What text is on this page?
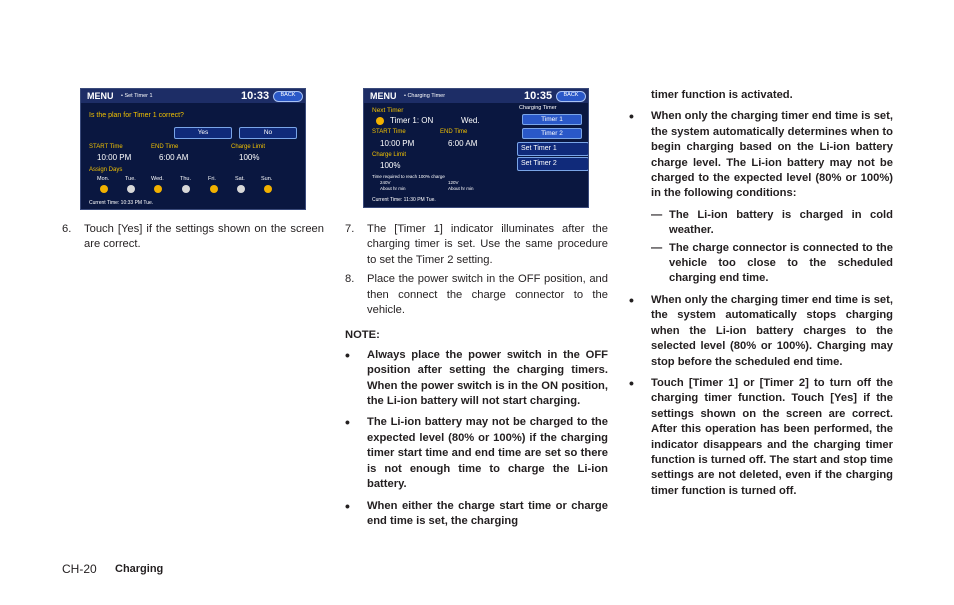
MENU • Set Timer 1	10:33	BACK
Is the plan for Timer 1 correct?
Yes	No
START Time	END Time	Charge Limit
10:00 PM	6:00 AM	100%
Assign Days
Mon.	Tue.	Wed.	Thu.	Fri.	Sat.	Sun.
Current Time: 10:33 PM Tue.
MENU • Charging Timer	10:35	BACK
Next Timer
Timer 1: ON	Wed.
Charging Timer
Timer 1
Timer 2
START Time	END Time
10:00 PM	6:00 AM
Set Timer 1
Set Timer 2
Charge Limit
100%
Time required to reach 100% charge
240V	120V
About hr min	About hr min
Current Time: 11:30 PM Tue.
6.	Touch [Yes] if the settings shown on the screen are correct.
7.	The [Timer 1] indicator illuminates after the charging timer is set. Use the same procedure to set the Timer 2 setting.
8.	Place the power switch in the OFF position, and then connect the charge connector to the vehicle.
NOTE:
•	Always place the power switch in the OFF position after setting the charging timers. When the power switch is in the ON position, the Li-ion battery will not start charging.
•	The Li-ion battery may not be charged to the expected level (80% or 100%) if the charging timer start time and end time are set so there is not enough time to charge the Li-ion battery.
•	When either the charge start time or charge end time is set, the charging
timer function is activated.
•	When only the charging timer end time is set, the system automatically determines when to begin charging based on the Li-ion battery charge level. The Li-ion battery may not be charged to the expected level (80% or 100%) in the following conditions:
— The Li-ion battery is charged in cold weather.
— The charge connector is connected to the vehicle too close to the scheduled charging end time.
•	When only the charging timer end time is set, the system automatically stops charging when the Li-ion battery charges to the selected level (80% or 100%). Charging may stop before the scheduled end time.
•	Touch [Timer 1] or [Timer 2] to turn off the charging timer function. Touch [Yes] if the settings shown on the screen are correct. After this operation has been performed, the indicator disappears and the charging timer function is turned off. The start and stop time settings are not deleted, even if the charging timer function is turned off.
CH-20 Charging
